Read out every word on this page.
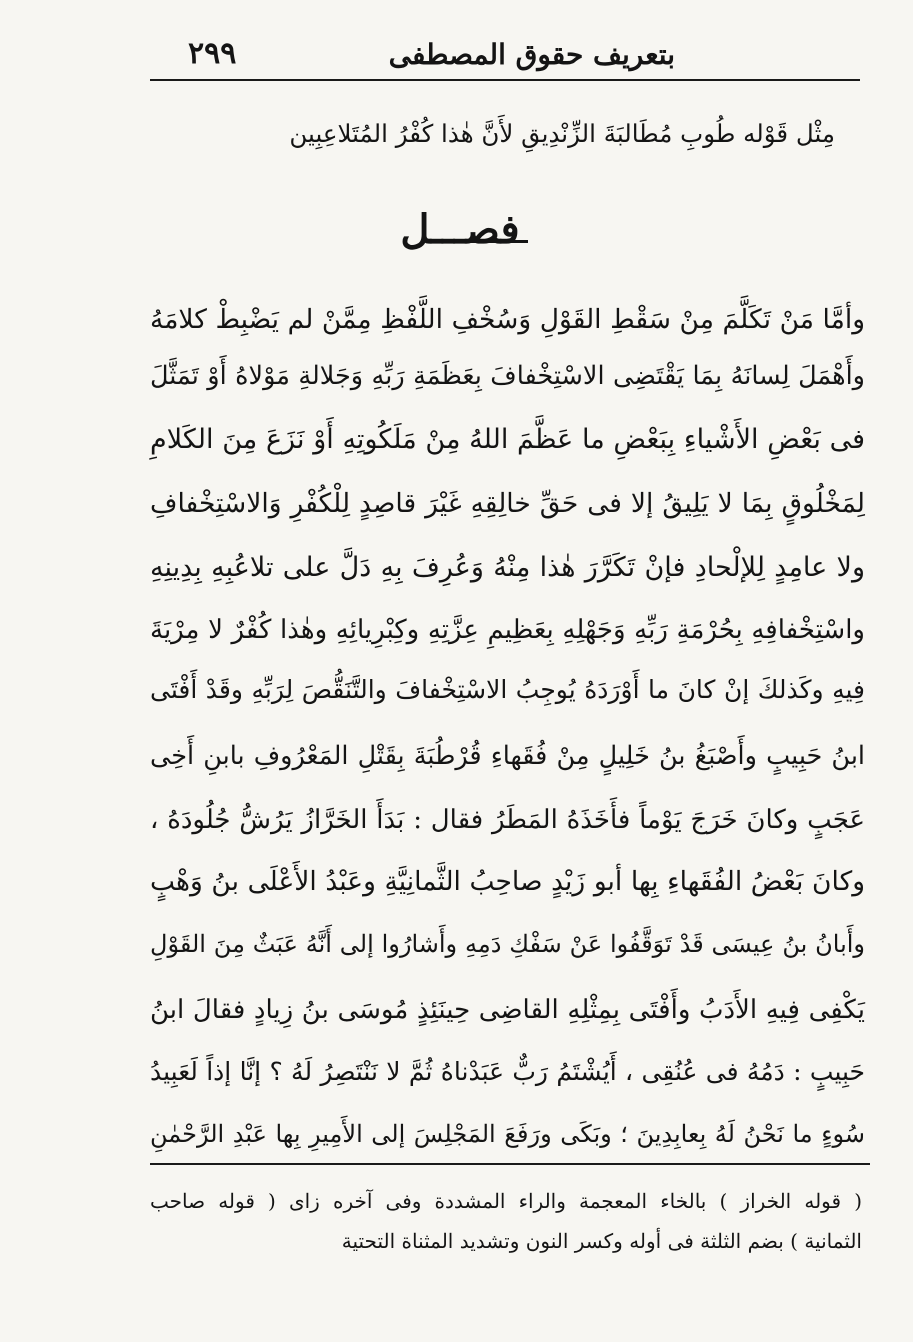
بتعريف حقوق المصطفى
٢٩٩
مِثْل قَوْله طُوبِ مُطَالبَةَ الزِّنْدِيقِ لأَنَّ هٰذا كُفْرُ المُتَلاعِبِين
فصـــل
وأمَّا مَنْ تَكَلَّمَ مِنْ سَقْطِ القَوْلِ وَسُخْفِ اللَّفْظِ مِمَّنْ لم يَضْبِطْ كلامَهُ
وأَهْمَلَ لِسانَهُ بِمَا يَقْتَضِى الاسْتِخْفافَ بِعَظَمَةِ رَبِّهِ وَجَلالةِ مَوْلاهُ أَوْ تَمَثَّلَ
فى بَعْضِ الأَشْياءِ بِبَعْضِ ما عَظَّمَ اللهُ مِنْ مَلَكُوتِهِ أَوْ نَزَعَ مِنَ الكَلامِ
لِمَخْلُوقٍ بِمَا لا يَلِيقُ إلا فى حَقِّ خالِقِهِ غَيْرَ قاصِدٍ لِلْكُفْرِ وَالاسْتِخْفافِ
ولا عامِدٍ لِلإلْحادِ فإنْ تَكَرَّرَ هٰذا مِنْهُ وَعُرِفَ بِهِ دَلَّ على تلاعُبِهِ بِدِينِهِ
واسْتِخْفافِهِ بِحُرْمَةِ رَبِّهِ وَجَهْلِهِ بِعَظِيمِ عِزَّتِهِ وكِبْرِيائِهِ وهٰذا كُفْرٌ لا مِرْيَةَ
فِيهِ وكَذلكَ إنْ كانَ ما أَوْرَدَهُ يُوجِبُ الاسْتِخْفافَ والتَّنَقُّصَ لِرَبِّهِ وقَدْ أَفْتَى
ابنُ حَبِيبٍ وأَصْبَغُ بنُ خَلِيلٍ مِنْ فُقَهاءِ قُرْطُبَةَ بِقَتْلِ المَعْرُوفِ بابنِ أَخِى
عَجَبٍ وكانَ خَرَجَ يَوْماً فأَخَذَهُ المَطَرُ فقال : بَدَأَ الخَرَّازُ يَرُشُّ جُلُودَهُ ،
وكانَ بَعْضُ الفُقَهاءِ بِها أبو زَيْدٍ صاحِبُ الثَّمانِيَّةِ وعَبْدُ الأَعْلَى بنُ وَهْبٍ
وأَبانُ بنُ عِيسَى قَدْ تَوَقَّفُوا عَنْ سَفْكِ دَمِهِ وأَشارُوا إلى أَنَّهُ عَبَثٌ مِنَ القَوْلِ
يَكْفِى فِيهِ الأَدَبُ وأَفْتَى بِمِثْلِهِ القاضِى حِينَئِذٍ مُوسَى بنُ زِيادٍ فقالَ ابنُ
حَبِيبٍ : دَمُهُ فى عُنُقِى ، أَيُشْتَمُ رَبٌّ عَبَدْناهُ ثُمَّ لا نَنْتَصِرُ لَهُ ؟ إنَّا إذاً لَعَبِيدُ
سُوءٍ ما نَحْنُ لَهُ بِعابِدِينَ ؛ وبَكَى ورَفَعَ المَجْلِسَ إلى الأَمِيرِ بِها عَبْدِ الرَّحْمٰنِ
( قوله الخراز ) بالخاء المعجمة والراء المشددة وفى آخره زاى ( قوله صاحب
الثمانية ) بضم الثلثة فى أوله وكسر النون وتشديد المثناة التحتية
